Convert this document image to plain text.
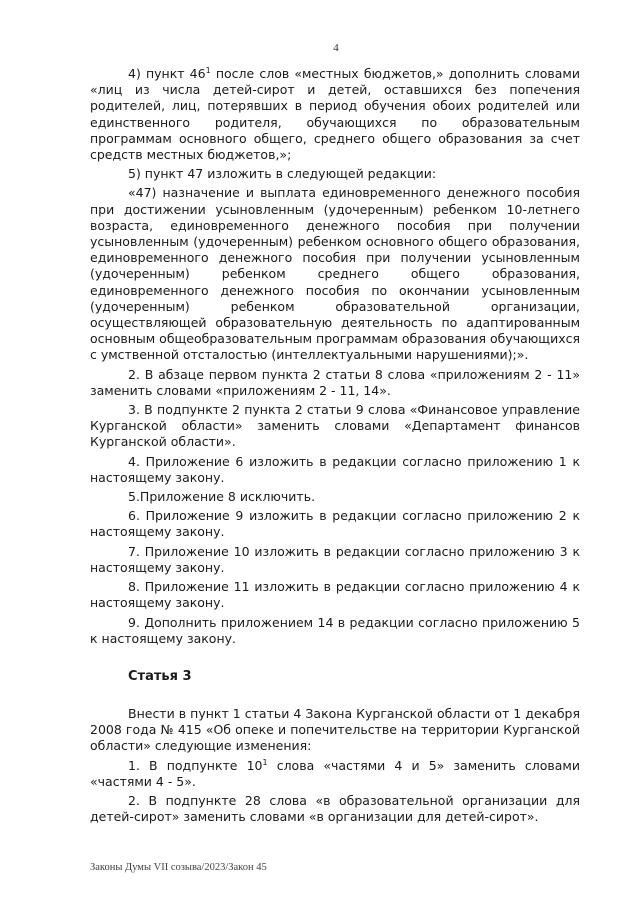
4
4) пункт $46^1$ после слов «местных бюджетов,» дополнить словами «лиц из числа детей-сирот и детей, оставшихся без попечения родителей, лиц, потерявших в период обучения обоих родителей или единственного родителя, обучающихся по образовательным программам основного общего, среднего общего образования за счет средств местных бюджетов,»;
5) пункт 47 изложить в следующей редакции:
«47) назначение и выплата единовременного денежного пособия при достижении усыновленным (удочеренным) ребенком 10-летнего возраста, единовременного денежного пособия при получении усыновленным (удочеренным) ребенком основного общего образования, единовременного денежного пособия при получении усыновленным (удочеренным) ребенком среднего общего образования, единовременного денежного пособия по окончании усыновленным (удочеренным) ребенком образовательной организации, осуществляющей образовательную деятельность по адаптированным основным общеобразовательным программам образования обучающихся с умственной отсталостью (интеллектуальными нарушениями);».
2. В абзаце первом пункта 2 статьи 8 слова «приложениям 2 - 11» заменить словами «приложениям 2 - 11, 14».
3. В подпункте 2 пункта 2 статьи 9 слова «Финансовое управление Курганской области» заменить словами «Департамент финансов Курганской области».
4. Приложение 6 изложить в редакции согласно приложению 1 к настоящему закону.
5.Приложение 8 исключить.
6. Приложение 9 изложить в редакции согласно приложению 2 к настоящему закону.
7. Приложение 10 изложить в редакции согласно приложению 3 к настоящему закону.
8. Приложение 11 изложить в редакции согласно приложению 4 к настоящему закону.
9. Дополнить приложением 14 в редакции согласно приложению 5 к настоящему закону.
Статья 3
Внести в пункт 1 статьи 4 Закона Курганской области от 1 декабря 2008 года № 415 «Об опеке и попечительстве на территории Курганской области» следующие изменения:
1. В подпункте $10^1$ слова «частями 4 и 5» заменить словами «частями 4 - 5».
2. В подпункте 28 слова «в образовательной организации для детей-сирот» заменить словами «в организации для детей-сирот».
Законы Думы VII созыва/2023/Закон 45
